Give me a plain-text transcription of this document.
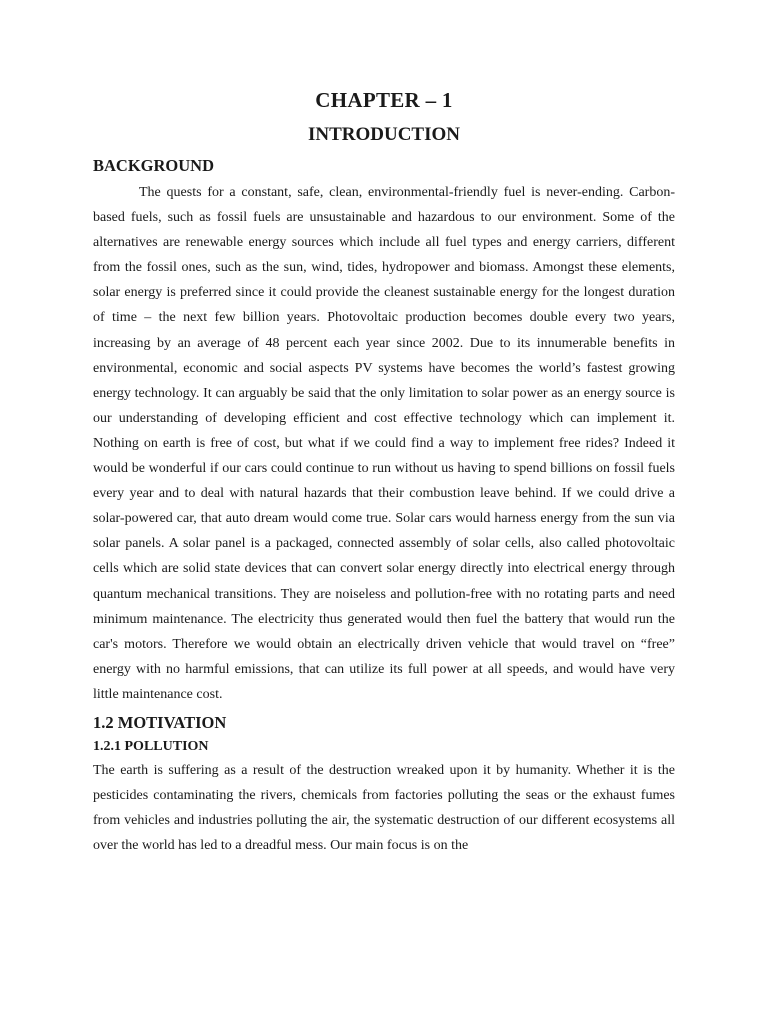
CHAPTER – 1
INTRODUCTION
BACKGROUND

The quests for a constant, safe, clean, environmental-friendly fuel is never-ending. Carbon-based fuels, such as fossil fuels are unsustainable and hazardous to our environment. Some of the alternatives are renewable energy sources which include all fuel types and energy carriers, different from the fossil ones, such as the sun, wind, tides, hydropower and biomass. Amongst these elements, solar energy is preferred since it could provide the cleanest sustainable energy for the longest duration of time – the next few billion years. Photovoltaic production becomes double every two years, increasing by an average of 48 percent each year since 2002. Due to its innumerable benefits in environmental, economic and social aspects PV systems have becomes the world’s fastest growing energy technology. It can arguably be said that the only limitation to solar power as an energy source is our understanding of developing efficient and cost effective technology which can implement it. Nothing on earth is free of cost, but what if we could find a way to implement free rides? Indeed it would be wonderful if our cars could continue to run without us having to spend billions on fossil fuels every year and to deal with natural hazards that their combustion leave behind. If we could drive a solar-powered car, that auto dream would come true. Solar cars would harness energy from the sun via solar panels. A solar panel is a packaged, connected assembly of solar cells, also called photovoltaic cells which are solid state devices that can convert solar energy directly into electrical energy through quantum mechanical transitions. They are noiseless and pollution-free with no rotating parts and need minimum maintenance. The electricity thus generated would then fuel the battery that would run the car's motors. Therefore we would obtain an electrically driven vehicle that would travel on “free” energy with no harmful emissions, that can utilize its full power at all speeds, and would have very little maintenance cost.

1.2 MOTIVATION
1.2.1 POLLUTION

The earth is suffering as a result of the destruction wreaked upon it by humanity. Whether it is the pesticides contaminating the rivers, chemicals from factories polluting the seas or the exhaust fumes from vehicles and industries polluting the air, the systematic destruction of our different ecosystems all over the world has led to a dreadful mess. Our main focus is on the
